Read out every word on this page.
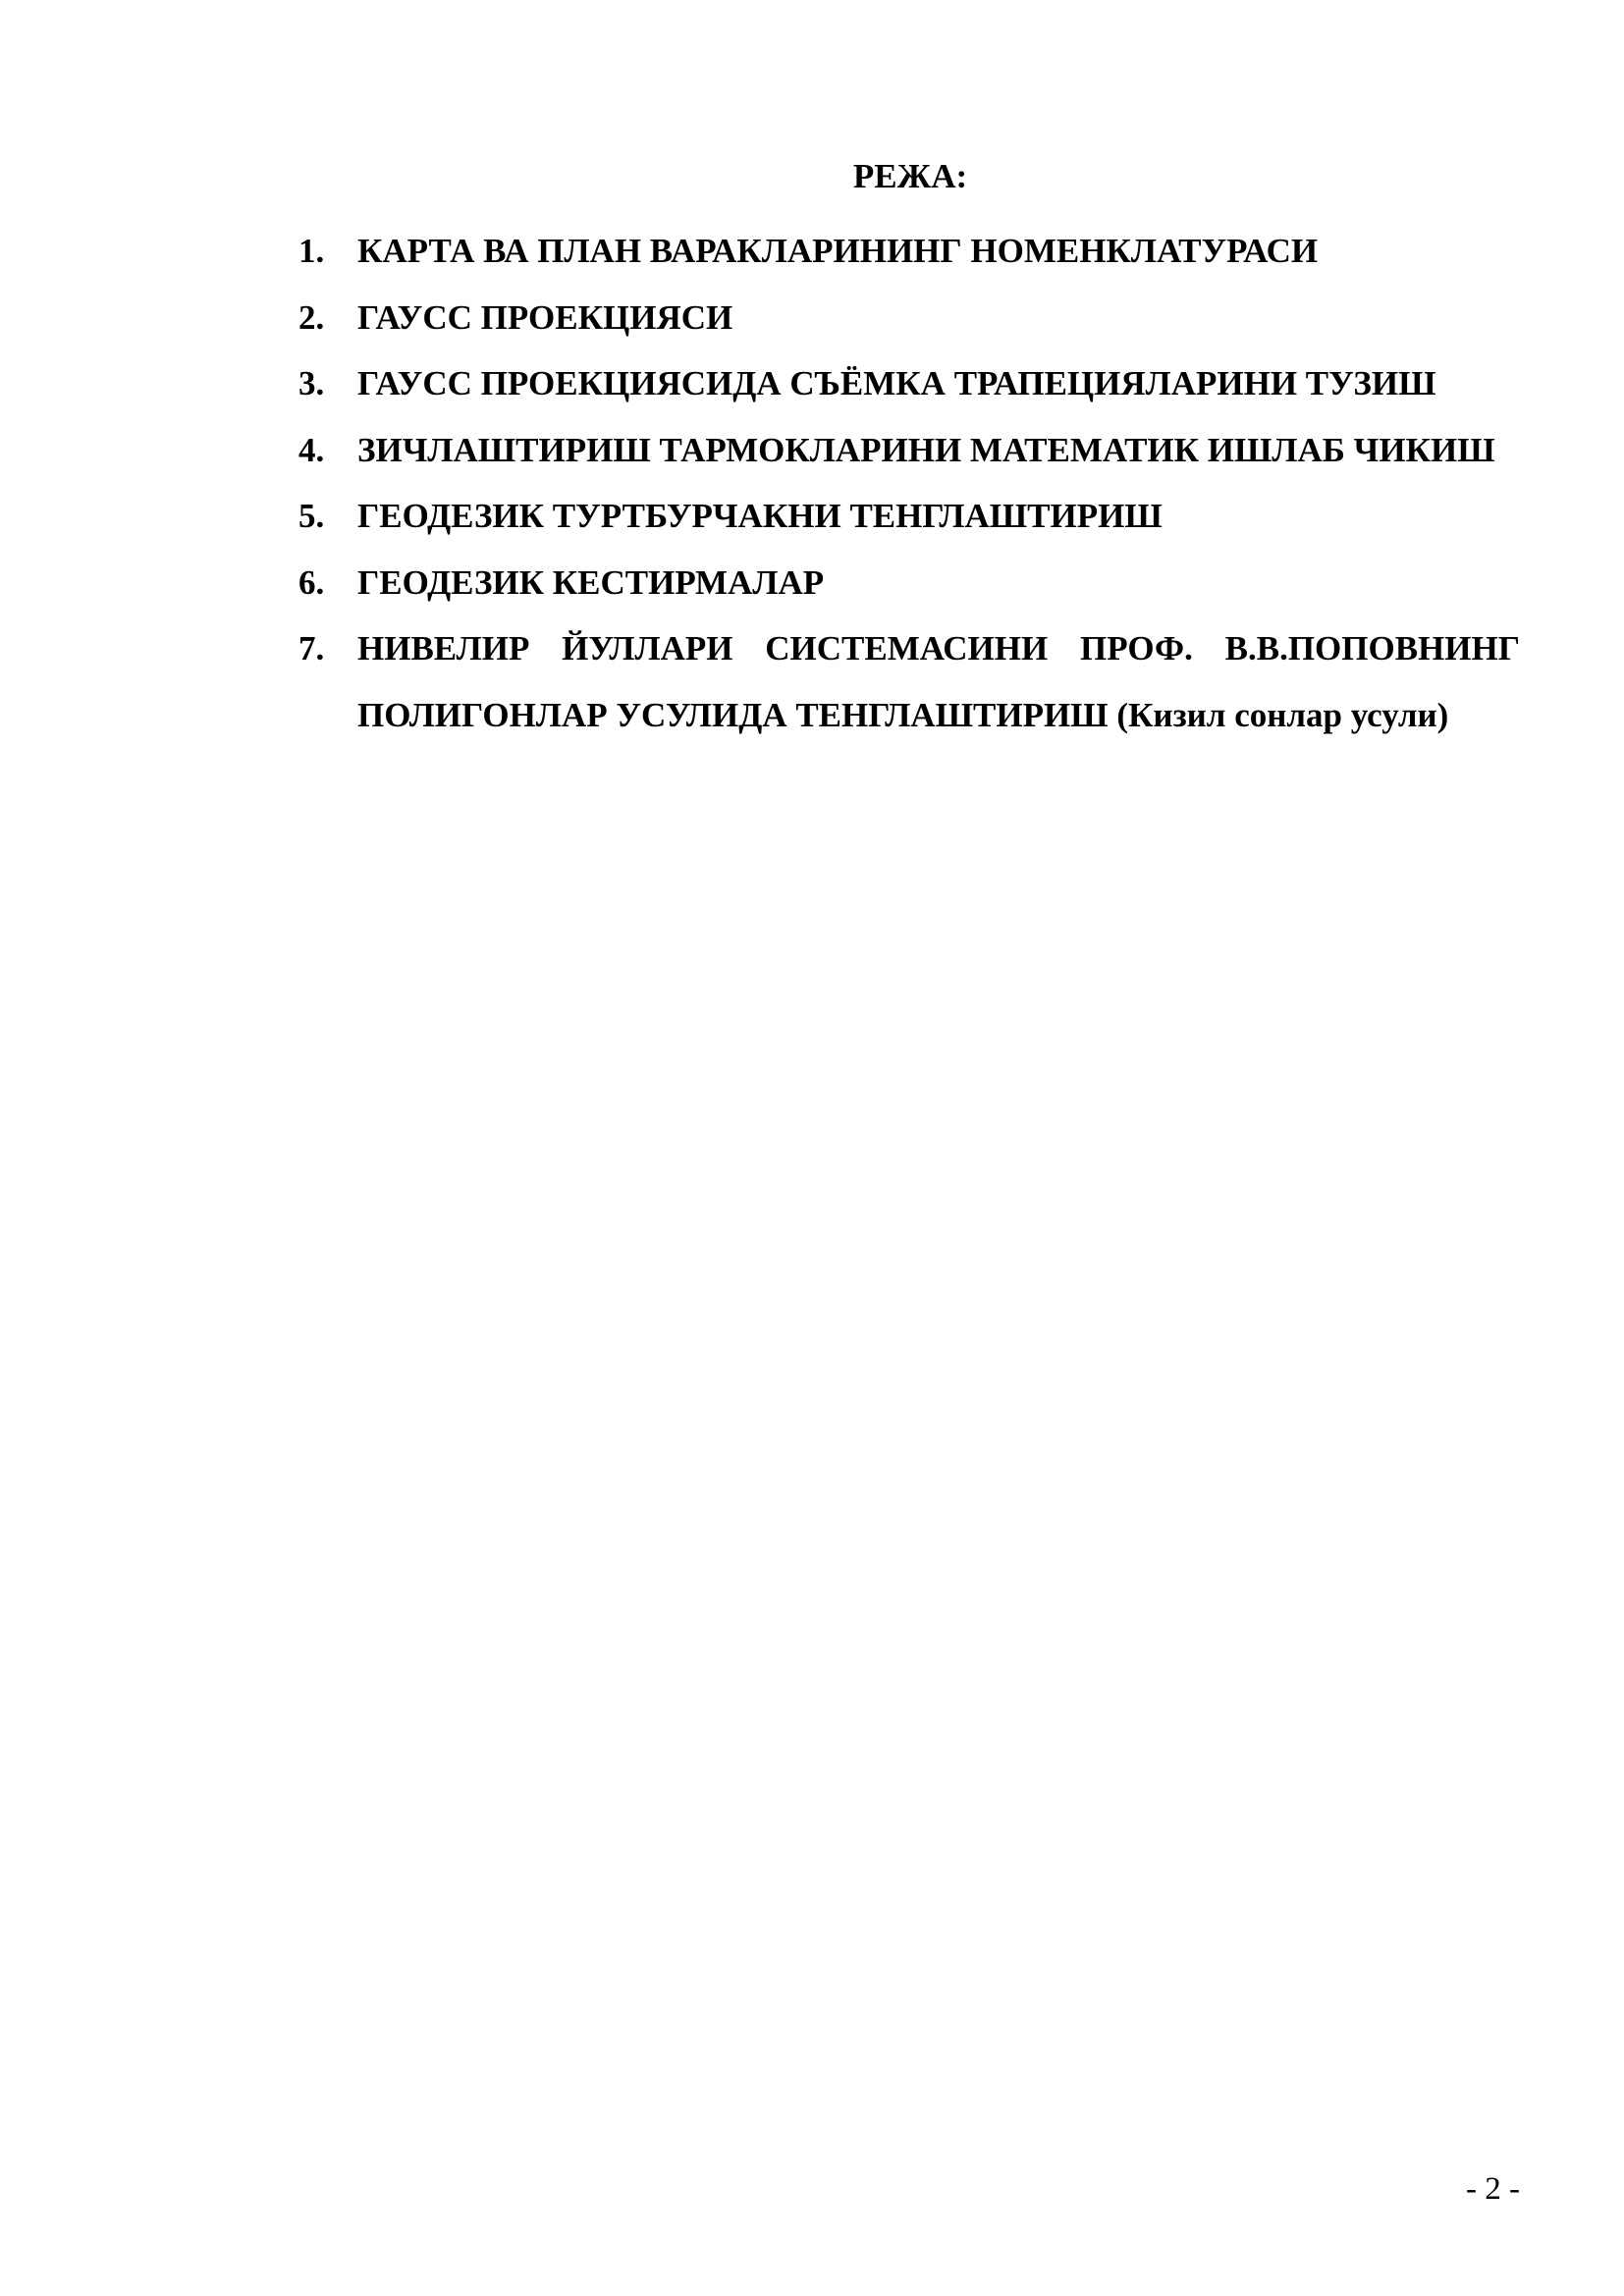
РЕЖА:
1. КАРТА ВА ПЛАН ВАРАКЛАРИНИНГ НОМЕНКЛАТУРАСИ
2. ГАУСС ПРОЕКЦИЯСИ
3. ГАУСС ПРОЕКЦИЯСИДА СЪЁМКА ТРАПЕЦИЯЛАРИНИ ТУЗИШ
4. ЗИЧЛАШТИРИШ ТАРМОКЛАРИНИ МАТЕМАТИК ИШЛАБ ЧИКИШ
5. ГЕОДЕЗИК ТУРТБУРЧАКНИ ТЕНГЛАШТИРИШ
6. ГЕОДЕЗИК КЕСТИРМАЛАР
7. НИВЕЛИР ЙУЛЛАРИ СИСТЕМАСИНИ ПРОФ. В.В.ПОПОВНИНГ ПОЛИГОНЛАР УСУЛИДА ТЕНГЛАШТИРИШ (Кизил сонлар усули)
- 2 -
